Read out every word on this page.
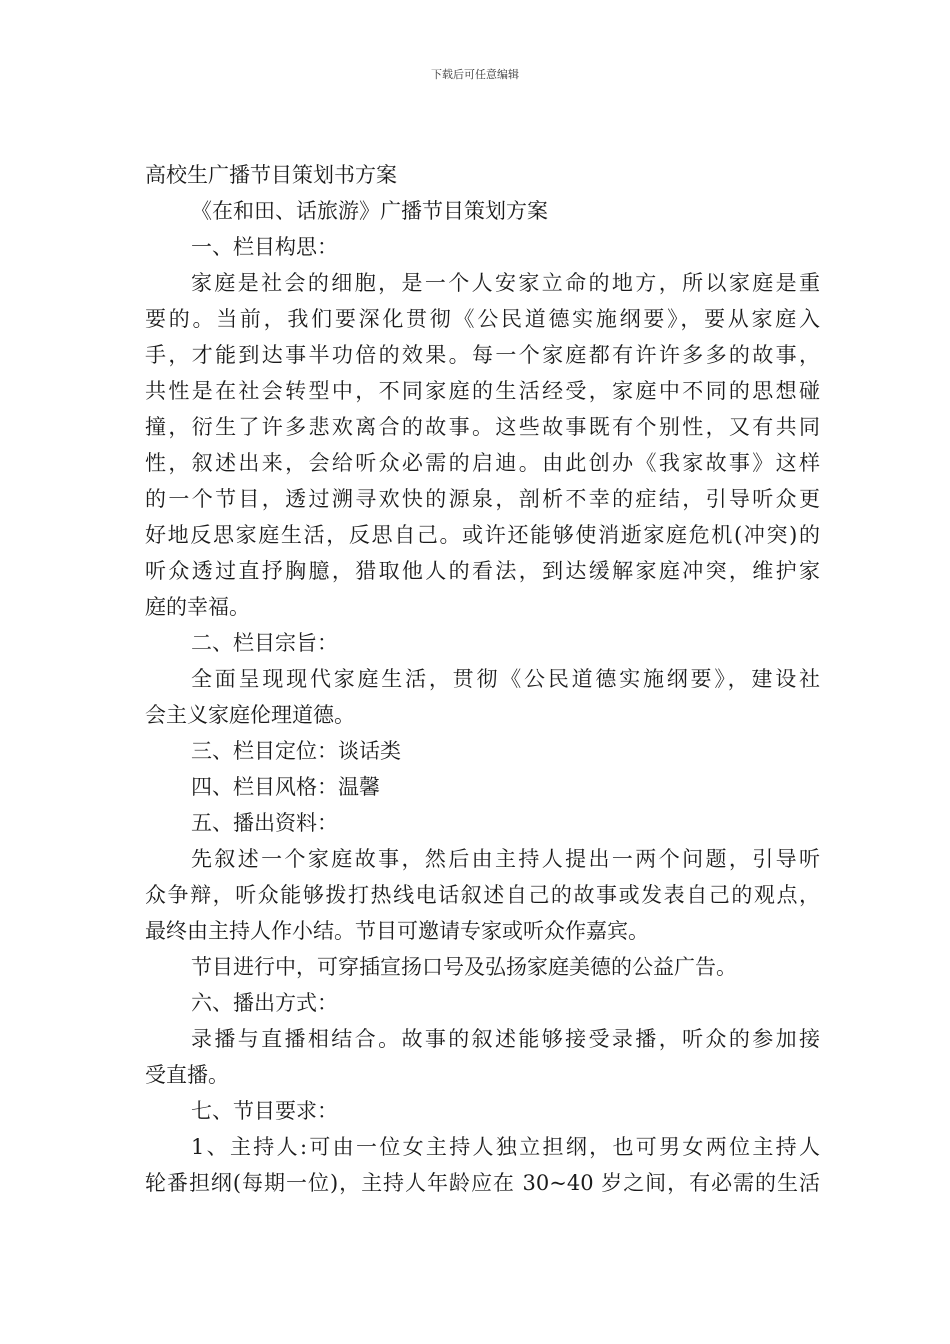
下载后可任意编辑
高校生广播节目策划书方案
《在和田、话旅游》广播节目策划方案
一、栏目构思：
家庭是社会的细胞，是一个人安家立命的地方，所以家庭是重
要的。当前，我们要深化贯彻《公民道德实施纲要》，要从家庭入
手，才能到达事半功倍的效果。每一个家庭都有许许多多的故事，
共性是在社会转型中，不同家庭的生活经受，家庭中不同的思想碰
撞，衍生了许多悲欢离合的故事。这些故事既有个别性，又有共同
性，叙述出来，会给听众必需的启迪。由此创办《我家故事》这样
的一个节目，透过溯寻欢快的源泉，剖析不幸的症结，引导听众更
好地反思家庭生活，反思自己。或许还能够使消逝家庭危机(冲突)的
听众透过直抒胸臆，猎取他人的看法，到达缓解家庭冲突，维护家
庭的幸福。
二、栏目宗旨：
全面呈现现代家庭生活，贯彻《公民道德实施纲要》，建设社
会主义家庭伦理道德。
三、栏目定位：谈话类
四、栏目风格：温馨
五、播出资料：
先叙述一个家庭故事，然后由主持人提出一两个问题，引导听
众争辩，听众能够拨打热线电话叙述自己的故事或发表自己的观点，
最终由主持人作小结。节目可邀请专家或听众作嘉宾。
节目进行中，可穿插宣扬口号及弘扬家庭美德的公益广告。
六、播出方式：
录播与直播相结合。故事的叙述能够接受录播，听众的参加接
受直播。
七、节目要求：
1、主持人:可由一位女主持人独立担纲，也可男女两位主持人
轮番担纲(每期一位)，主持人年龄应在 30~40 岁之间，有必需的生活
